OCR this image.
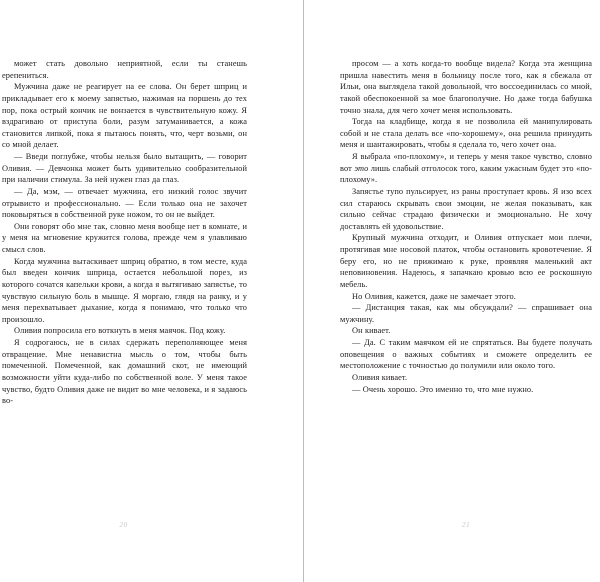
может стать довольно неприятной, если ты станешь ерепениться.

Мужчина даже не реагирует на ее слова. Он берет шприц и прикладывает его к моему запястью, нажимая на поршень до тех пор, пока острый кончик не вонзается в чувствительную кожу. Я вздрагиваю от приступа боли, разум затуманивается, а кожа становится липкой, пока я пытаюсь понять, что, черт возьми, он со мной делает.

— Введи поглубже, чтобы нельзя было вытащить, — говорит Оливия. — Девчонка может быть удивительно сообразительной при наличии стимула. За ней нужен глаз да глаз.

— Да, мэм, — отвечает мужчина, его низкий голос звучит отрывисто и профессионально. — Если только она не захочет поковыряться в собственной руке ножом, то он не выйдет.

Они говорят обо мне так, словно меня вообще нет в комнате, и у меня на мгновение кружится голова, прежде чем я улавливаю смысл слов.

Когда мужчина вытаскивает шприц обратно, в том месте, куда был введен кончик шприца, остается небольшой порез, из которого сочатся капельки крови, а когда я вытягиваю запястье, то чувствую сильную боль в мышце. Я моргаю, глядя на ранку, и у меня перехватывает дыхание, когда я понимаю, что только что произошло.

Оливия попросила его воткнуть в меня маячок. Под кожу.

Я содрогаюсь, не в силах сдержать переполняющее меня отвращение. Мне ненавистна мысль о том, чтобы быть помеченной. Помеченной, как домашний скот, не имеющий возможности уйти куда-либо по собственной воле. У меня такое чувство, будто Оливия даже не видит во мне человека, и я задаюсь во-

20

просом — а хоть когда-то вообще видела? Когда эта женщина пришла навестить меня в больницу после того, как я сбежала от Ильи, она выглядела такой довольной, что воссоединилась со мной, такой обеспокоенной за мое благополучие. Но даже тогда бабушка точно знала, для чего хочет меня использовать.

Тогда на кладбище, когда я не позволила ей манипулировать собой и не стала делать все «по-хорошему», она решила принудить меня и шантажировать, чтобы я сделала то, чего хочет она.

Я выбрала «по-плохому», и теперь у меня такое чувство, словно вот это лишь слабый отголосок того, каким ужасным будет это «по-плохому».

Запястье тупо пульсирует, из раны проступает кровь. Я изо всех сил стараюсь скрывать свои эмоции, не желая показывать, как сильно сейчас страдаю физически и эмоционально. Не хочу доставлять ей удовольствие.

Крупный мужчина отходит, и Оливия отпускает мои плечи, протягивая мне носовой платок, чтобы остановить кровотечение. Я беру его, но не прижимаю к руке, проявляя маленький акт неповиновения. Надеюсь, я запачкаю кровью всю ее роскошную мебель.

Но Оливия, кажется, даже не замечает этого.

— Дистанция такая, как мы обсуждали? — спрашивает она мужчину.

Он кивает.

— Да. С таким маячком ей не спрятаться. Вы будете получать оповещения о важных событиях и сможете определить ее местоположение с точностью до полумили или около того.

Оливия кивает.

— Очень хорошо. Это именно то, что мне нужно.

21
